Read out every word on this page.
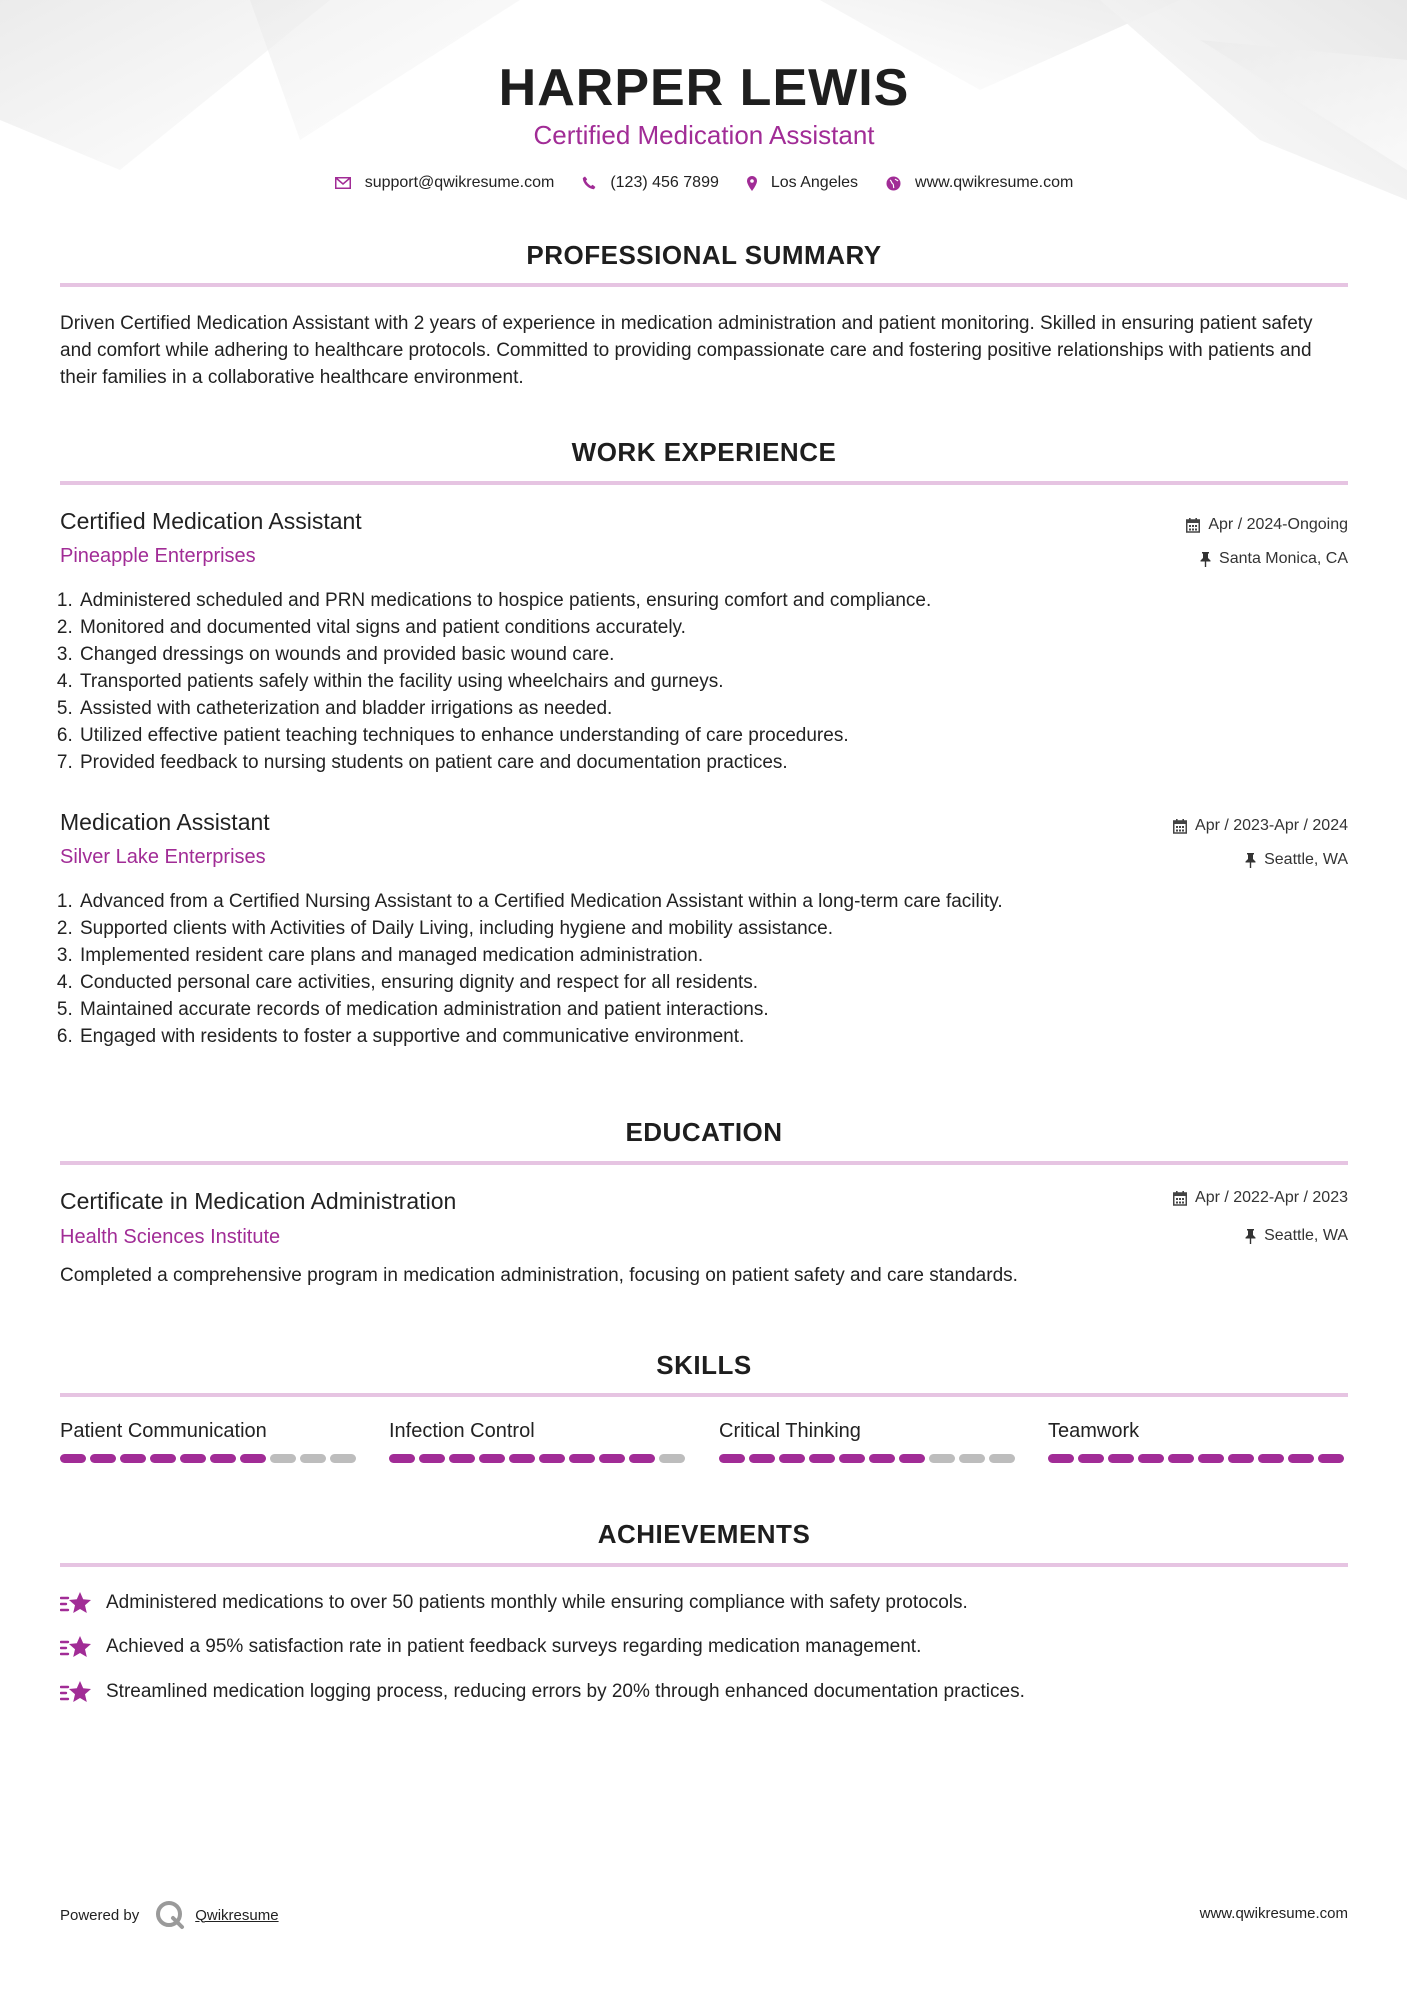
HARPER LEWIS
Certified Medication Assistant
support@qwikresume.com	(123) 456 7899	Los Angeles	www.qwikresume.com
PROFESSIONAL SUMMARY
Driven Certified Medication Assistant with 2 years of experience in medication administration and patient monitoring. Skilled in ensuring patient safety and comfort while adhering to healthcare protocols. Committed to providing compassionate care and fostering positive relationships with patients and their families in a collaborative healthcare environment.
WORK EXPERIENCE
Certified Medication Assistant	Apr / 2024-Ongoing
Pineapple Enterprises	Santa Monica, CA
1. Administered scheduled and PRN medications to hospice patients, ensuring comfort and compliance.
2. Monitored and documented vital signs and patient conditions accurately.
3. Changed dressings on wounds and provided basic wound care.
4. Transported patients safely within the facility using wheelchairs and gurneys.
5. Assisted with catheterization and bladder irrigations as needed.
6. Utilized effective patient teaching techniques to enhance understanding of care procedures.
7. Provided feedback to nursing students on patient care and documentation practices.
Medication Assistant	Apr / 2023-Apr / 2024
Silver Lake Enterprises	Seattle, WA
1. Advanced from a Certified Nursing Assistant to a Certified Medication Assistant within a long-term care facility.
2. Supported clients with Activities of Daily Living, including hygiene and mobility assistance.
3. Implemented resident care plans and managed medication administration.
4. Conducted personal care activities, ensuring dignity and respect for all residents.
5. Maintained accurate records of medication administration and patient interactions.
6. Engaged with residents to foster a supportive and communicative environment.
EDUCATION
Certificate in Medication Administration	Apr / 2022-Apr / 2023
Health Sciences Institute	Seattle, WA
Completed a comprehensive program in medication administration, focusing on patient safety and care standards.
SKILLS
Patient Communication	Infection Control	Critical Thinking	Teamwork
ACHIEVEMENTS
Administered medications to over 50 patients monthly while ensuring compliance with safety protocols.
Achieved a 95% satisfaction rate in patient feedback surveys regarding medication management.
Streamlined medication logging process, reducing errors by 20% through enhanced documentation practices.
Powered by	Qwikresume	www.qwikresume.com
